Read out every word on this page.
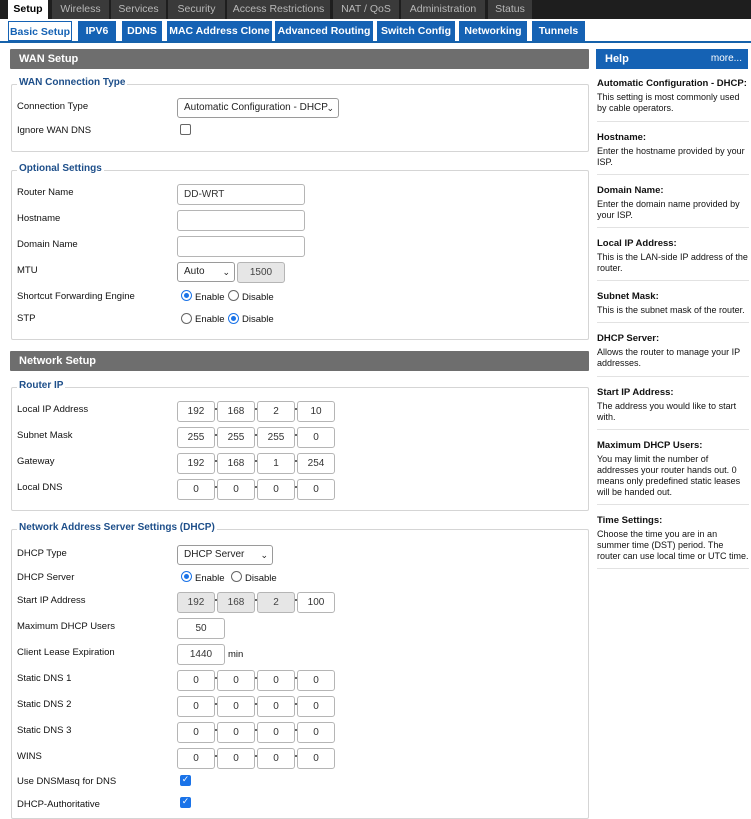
Setup	Wireless	Services	Security	Access Restrictions	NAT / QoS	Administration	Status
Basic Setup	IPV6	DDNS	MAC Address Clone Advanced Routing	Switch Config	Networking	Tunnels
WAN Setup
WAN Connection Type
Connection Type	Automatic Configuration - DHCP
⌄
Ignore WAN DNS
Optional Settings
Router Name	DD-WRT
Hostname
Domain Name
MTU	Auto ⌄	1500
Shortcut Forwarding Engine	Enable Disable
STP	Enable Disable
Network Setup
Router IP
Local IP Address	192	168	2	10
Subnet Mask	255	255	255	0
Gateway	192	168	1	254
Local DNS	0	0	0	0
Network Address Server Settings (DHCP)
DHCP Type	DHCP Server ⌄
DHCP Server	Enable Disable
Start IP Address	192	168	2	100
Maximum DHCP Users	50
Client Lease Expiration	1440	min
Static DNS 1	0	0	0	0
Static DNS 2	0	0	0	0
Static DNS 3	0	0	0	0
WINS	0	0	0	0
Use DNSMasq for DNS	✓
DHCP-Authoritative	✓
Help	more...
Automatic Configuration - DHCP:
This setting is most commonly used by cable operators.
Hostname:
Enter the hostname provided by your ISP.
Domain Name:
Enter the domain name provided by your ISP.
Local IP Address:
This is the LAN-side IP address of the router.
Subnet Mask:
This is the subnet mask of the router.
DHCP Server:
Allows the router to manage your IP addresses.
Start IP Address:
The address you would like to start with.
Maximum DHCP Users:
You may limit the number of addresses your router hands out. 0 means only predefined static leases will be handed out.
Time Settings:
Choose the time you are in an summer time (DST) period. The router can use local time or UTC time.
